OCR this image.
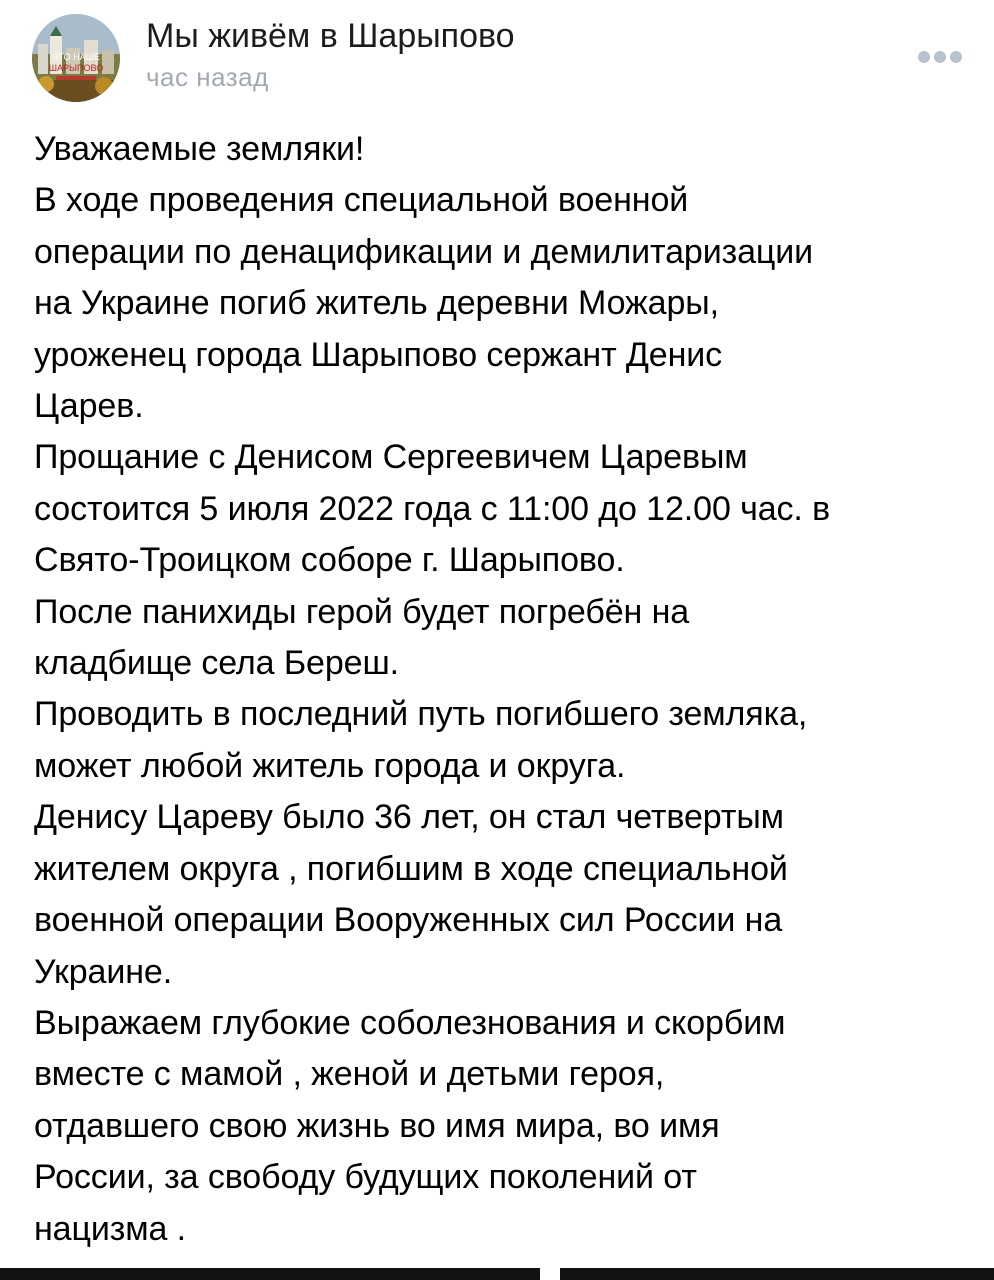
ЭТО НАШЕ
ШАРЫПОВО
Мы живём в Шарыпово
час назад

Уважаемые земляки!

В ходе проведения специальной военной
операции по денацификации и демилитаризации
на Украине погиб житель деревни Можары,
уроженец города Шарыпово сержант Денис
Царев.

Прощание с Денисом Сергеевичем Царевым
состоится 5 июля 2022 года с 11:00 до 12.00 час. в
Свято-Троицком соборе г. Шарыпово.

После панихиды герой будет погребён на
кладбище села Береш.

Проводить в последний путь погибшего земляка,
может любой житель города и округа.

Денису Цареву было 36 лет, он стал четвертым
жителем округа , погибшим в ходе специальной
военной операции Вооруженных сил России на
Украине.

Выражаем глубокие соболезнования и скорбим
вместе с мамой , женой и детьми героя,
отдавшего свою жизнь во имя мира, во имя
России, за свободу будущих поколений от
нацизма .
